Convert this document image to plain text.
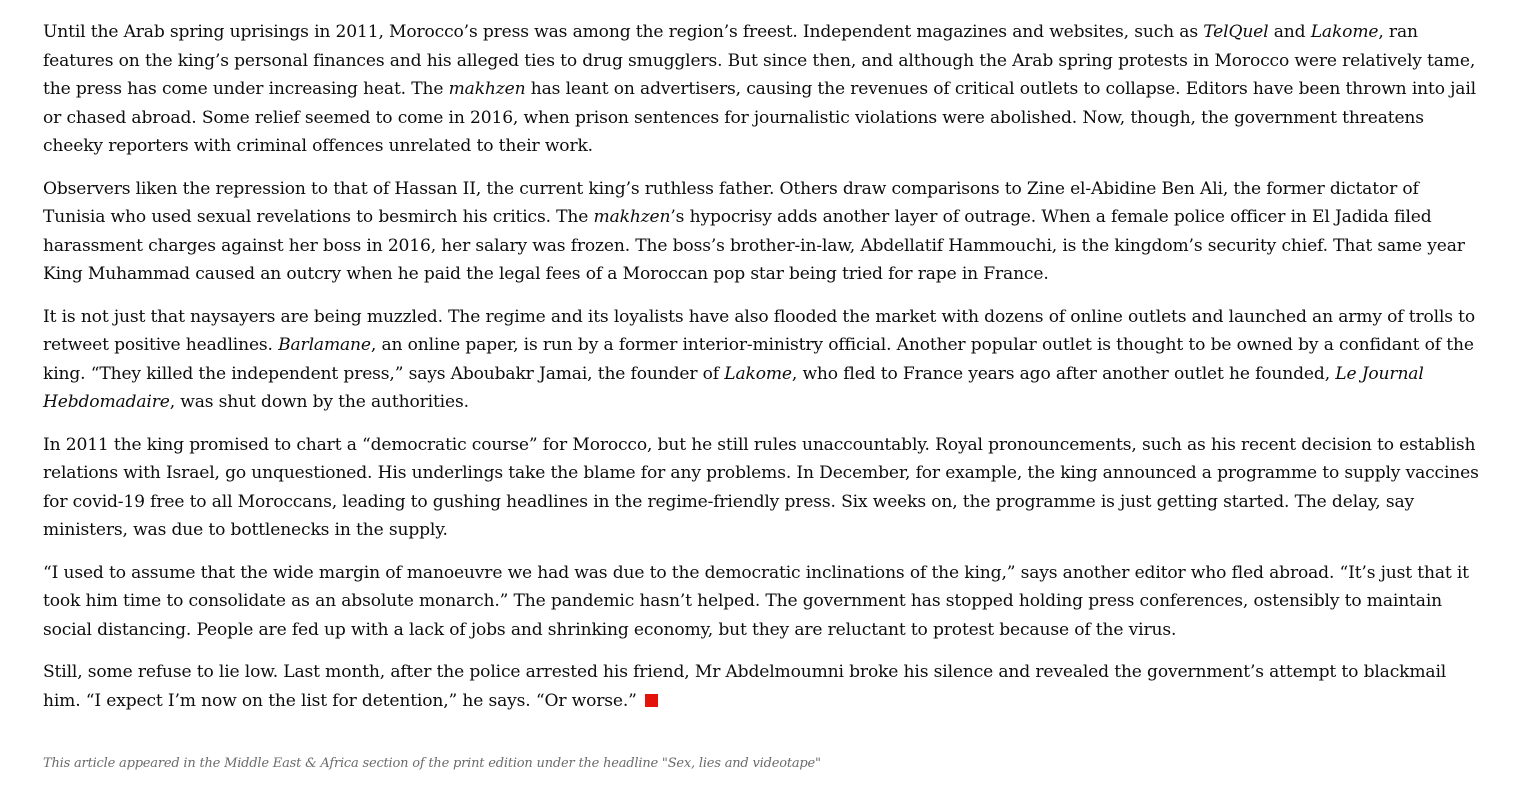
Until the Arab spring uprisings in 2011, Morocco’s press was among the region’s freest. Independent magazines and websites, such as TelQuel and Lakome, ran features on the king’s personal finances and his alleged ties to drug smugglers. But since then, and although the Arab spring protests in Morocco were relatively tame, the press has come under increasing heat. The makhzen has leant on advertisers, causing the revenues of critical outlets to collapse. Editors have been thrown into jail or chased abroad. Some relief seemed to come in 2016, when prison sentences for journalistic violations were abolished. Now, though, the government threatens cheeky reporters with criminal offences unrelated to their work.

Observers liken the repression to that of Hassan II, the current king’s ruthless father. Others draw comparisons to Zine el-Abidine Ben Ali, the former dictator of Tunisia who used sexual revelations to besmirch his critics. The makhzen’s hypocrisy adds another layer of outrage. When a female police officer in El Jadida filed harassment charges against her boss in 2016, her salary was frozen. The boss’s brother-in-law, Abdellatif Hammouchi, is the kingdom’s security chief. That same year King Muhammad caused an outcry when he paid the legal fees of a Moroccan pop star being tried for rape in France.

It is not just that naysayers are being muzzled. The regime and its loyalists have also flooded the market with dozens of online outlets and launched an army of trolls to retweet positive headlines. Barlamane, an online paper, is run by a former interior-ministry official. Another popular outlet is thought to be owned by a confidant of the king. “They killed the independent press,” says Aboubakr Jamai, the founder of Lakome, who fled to France years ago after another outlet he founded, Le Journal Hebdomadaire, was shut down by the authorities.

In 2011 the king promised to chart a “democratic course” for Morocco, but he still rules unaccountably. Royal pronouncements, such as his recent decision to establish relations with Israel, go unquestioned. His underlings take the blame for any problems. In December, for example, the king announced a programme to supply vaccines for covid-19 free to all Moroccans, leading to gushing headlines in the regime-friendly press. Six weeks on, the programme is just getting started. The delay, say ministers, was due to bottlenecks in the supply.

“I used to assume that the wide margin of manoeuvre we had was due to the democratic inclinations of the king,” says another editor who fled abroad. “It’s just that it took him time to consolidate as an absolute monarch.” The pandemic hasn’t helped. The government has stopped holding press conferences, ostensibly to maintain social distancing. People are fed up with a lack of jobs and shrinking economy, but they are reluctant to protest because of the virus.

Still, some refuse to lie low. Last month, after the police arrested his friend, Mr Abdelmoumni broke his silence and revealed the government’s attempt to blackmail him. “I expect I’m now on the list for detention,” he says. “Or worse.”

This article appeared in the Middle East & Africa section of the print edition under the headline "Sex, lies and videotape"
